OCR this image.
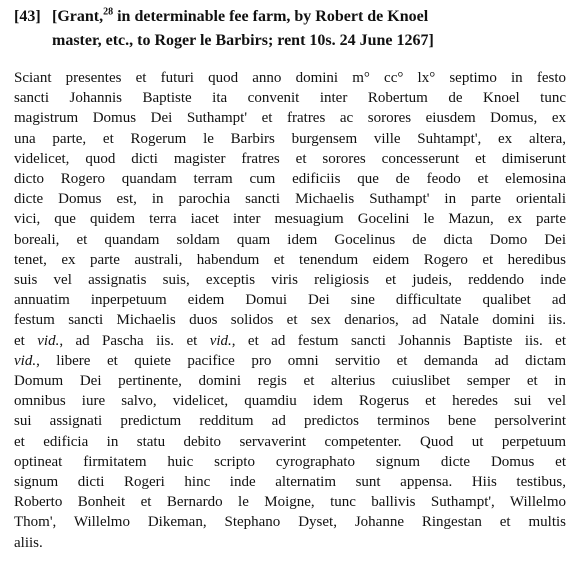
[43] [Grant,$^{28}$ in determinable fee farm, by Robert de Knoel
master, etc., to Roger le Barbirs; rent 10s. 24 June 1267]
Sciant presentes et futuri quod anno domini m° cc° lx° septimo in festo
sancti Johannis Baptiste ita convenit inter Robertum de Knoel tunc
magistrum Domus Dei Suthampt' et fratres ac sorores eiusdem Domus, ex
una parte, et Rogerum le Barbirs burgensem ville Suhtampt', ex altera,
videlicet, quod dicti magister fratres et sorores concesserunt et dimiserunt
dicto Rogero quandam terram cum edificiis que de feodo et elemosina
dicte Domus est, in parochia sancti Michaelis Suthampt' in parte orientali
vici, que quidem terra iacet inter mesuagium Gocelini le Mazun, ex parte
boreali, et quandam soldam quam idem Gocelinus de dicta Domo Dei
tenet, ex parte australi, habendum et tenendum eidem Rogero et heredibus
suis vel assignatis suis, exceptis viris religiosis et judeis, reddendo inde
annuatim inperpetuum eidem Domui Dei sine difficultate qualibet ad
festum sancti Michaelis duos solidos et sex denarios, ad Natale domini iis.
et vid., ad Pascha iis. et vid., et ad festum sancti Johannis Baptiste iis. et
vid., libere et quiete pacifice pro omni servitio et demanda ad dictam
Domum Dei pertinente, domini regis et alterius cuiuslibet semper et in
omnibus iure salvo, videlicet, quamdiu idem Rogerus et heredes sui vel
sui assignati predictum redditum ad predictos terminos bene persolverint
et edificia in statu debito servaverint competenter. Quod ut perpetuum
optineat firmitatem huic scripto cyrographato signum dicte Domus et
signum dicti Rogeri hinc inde alternatim sunt appensa. Hiis testibus,
Roberto Bonheit et Bernardo le Moigne, tunc ballivis Suthampt', Willelmo
Thom', Willelmo Dikeman, Stephano Dyset, Johanne Ringestan et multis
aliis.
